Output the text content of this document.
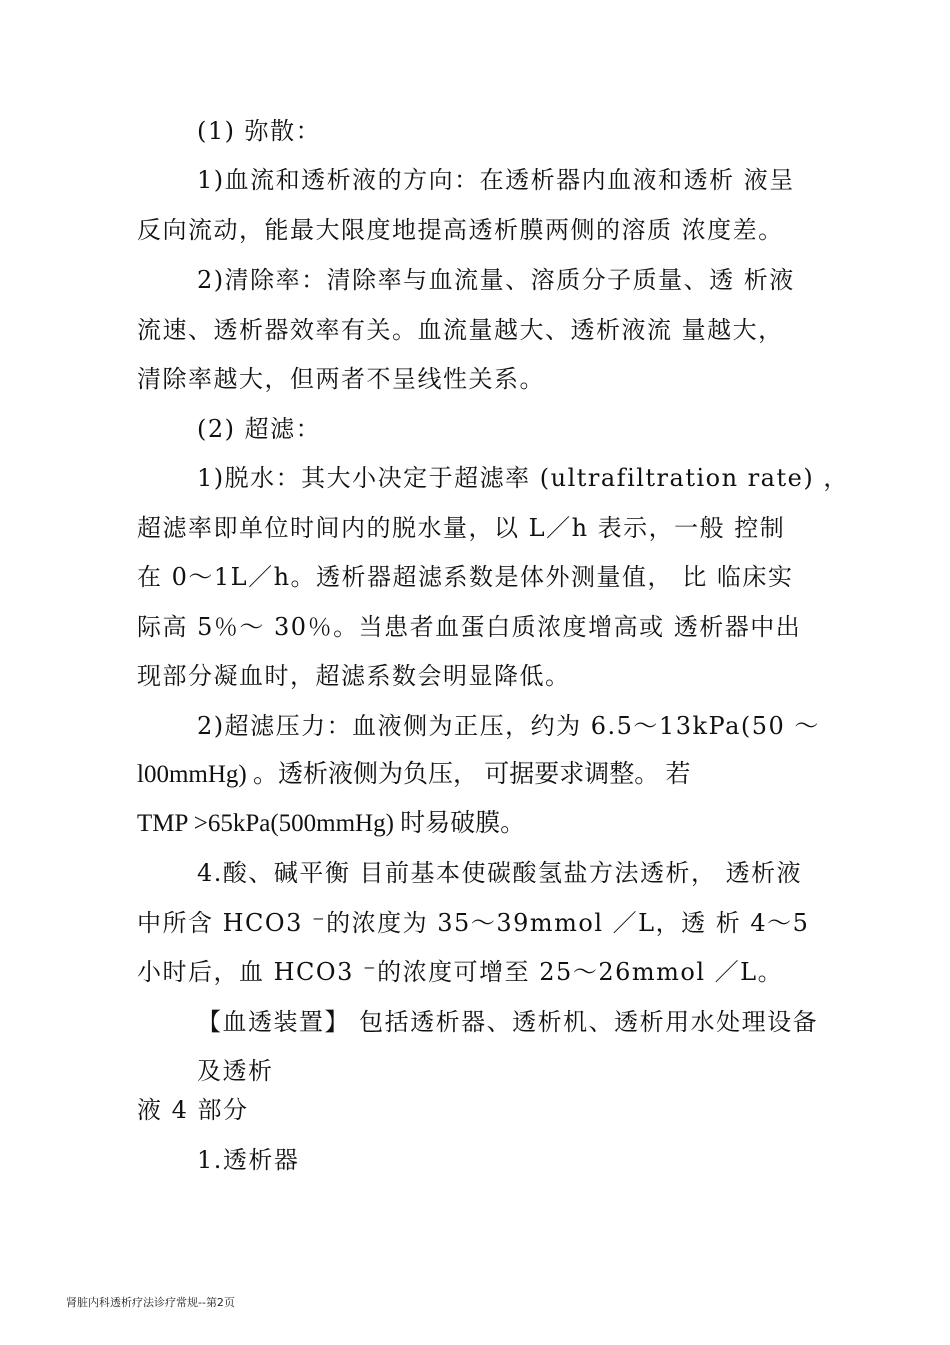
(1) 弥散：
1)血流和透析液的方向：在透析器内血液和透析 液呈
反向流动，能最大限度地提高透析膜两侧的溶质 浓度差。
2)清除率：清除率与血流量、溶质分子质量、透 析液
流速、透析器效率有关。血流量越大、透析液流 量越大，
清除率越大，但两者不呈线性关系。
(2) 超滤：
1)脱水：其大小决定于超滤率 (ultrafiltration rate) ，
超滤率即单位时间内的脱水量，以 L／h 表示，一般 控制
在 0～1L／h。透析器超滤系数是体外测量值， 比 临床实
际高 5％～ 30％。当患者血蛋白质浓度增高或 透析器中出
现部分凝血时，超滤系数会明显降低。
2)超滤压力：血液侧为正压，约为 6.5～13kPa(50 ～
l00mmHg) 。透析液侧为负压， 可据要求调整。 若
TMP >65kPa(500mmHg) 时易破膜。
4.酸、碱平衡 目前基本使碳酸氢盐方法透析， 透析液
中所含 HCO3 ⁻的浓度为 35～39mmol ／L，透 析 4～5
小时后，血 HCO3 ⁻的浓度可增至 25～26mmol ／L。
【血透装置】 包括透析器、透析机、透析用水处理设备
及透析
液 4 部分
1.透析器
肾脏内科透析疗法诊疗常规--第2页
